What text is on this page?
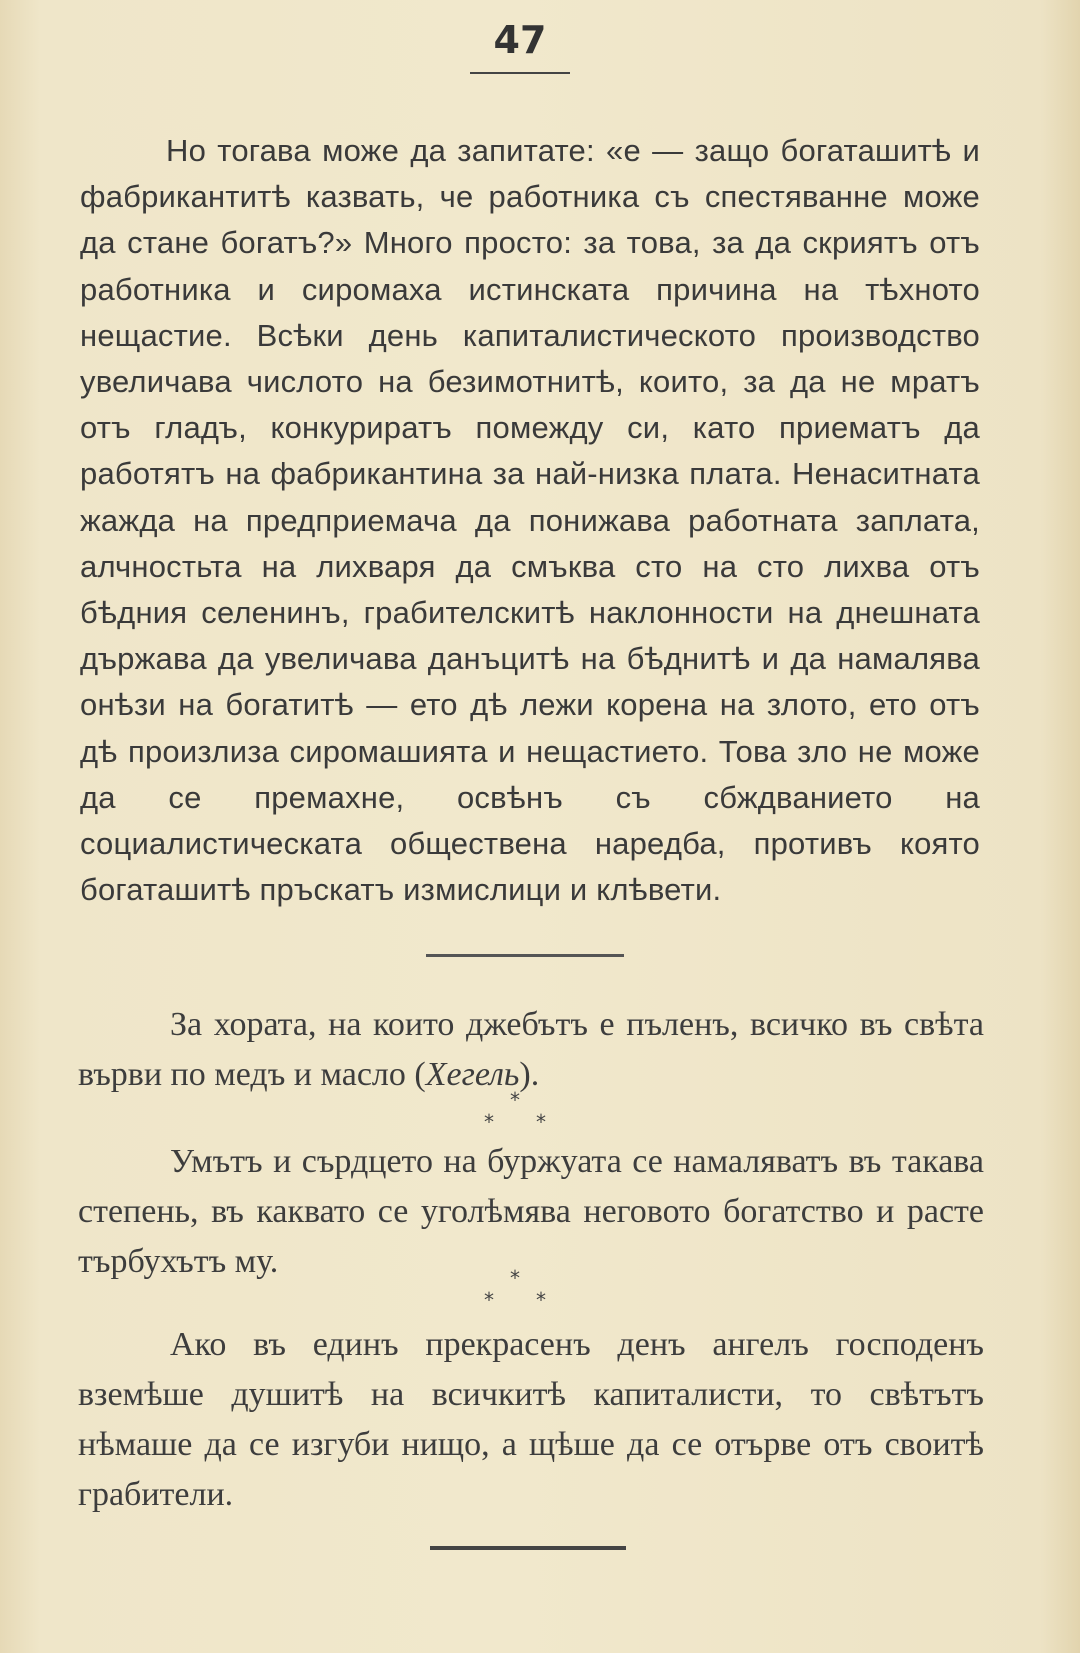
47

Но тогава може да запитате: «е — защо богаташитѣ и фабрикантитѣ казвать, че работника съ спестяванне може да стане богатъ?» Много просто: за това, за да скриятъ отъ работника и сиромаха истинската причина на тѣхното нещастие. Всѣки день капиталистическото производство увеличава числото на безимотнитѣ, които, за да не мратъ отъ гладъ, конкуриратъ помежду си, като приематъ да работятъ на фабрикантина за най-низка плата. Ненаситната жажда на предприемача да понижава работната заплата, алчностьта на лихваря да смъква сто на сто лихва отъ бѣдния селенинъ, грабителскитѣ наклонности на днешната държава да увеличава данъцитѣ на бѣднитѣ и да намалява онѣзи на богатитѣ — ето дѣ лежи корена на злото, ето отъ дѣ произлиза сиромашията и нещастието. Това зло не може да се премахне, освѣнъ съ сбждванието на социалистическата обществена наредба, противъ която богаташитѣ пръскатъ измислици и клѣвети.

За хората, на които джебътъ е пъленъ, всичко въ свѣта върви по медъ и масло (Хегель).

*
* *

Умътъ и сърдцето на буржуата се намаляватъ въ такава степень, въ каквато се уголѣмява неговото богатство и расте търбухътъ му.	*
* *

Ако въ единъ прекрасенъ денъ ангелъ господенъ вземѣше душитѣ на всичкитѣ капиталисти, то свѣтътъ нѣмаше да се изгуби нищо, а щѣше да се отърве отъ своитѣ грабители.
